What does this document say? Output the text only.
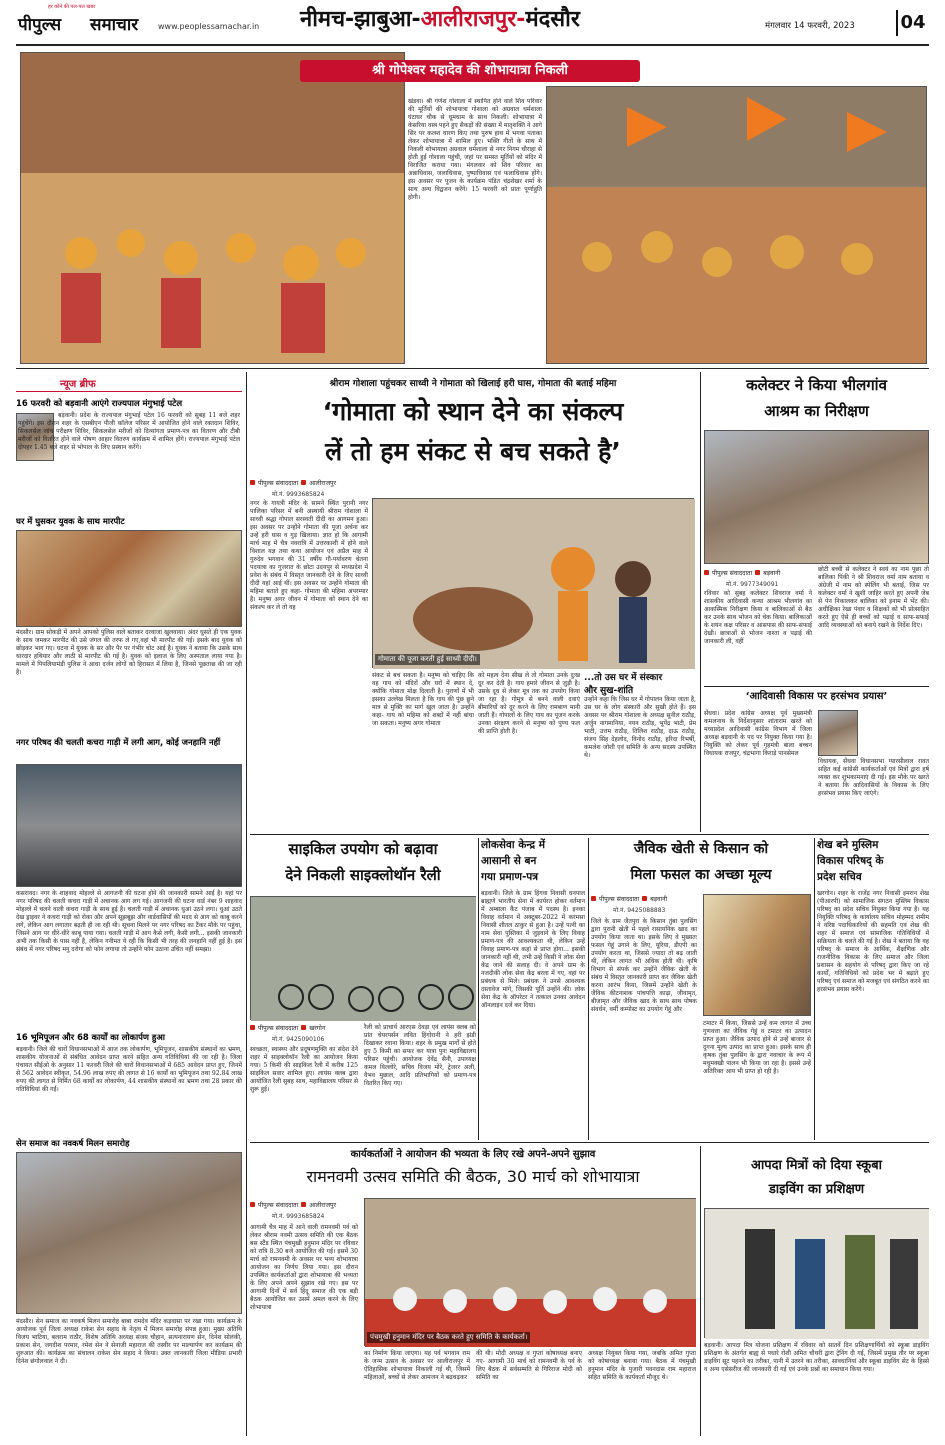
हर कोने की पल-पल खबर
पीपुल्स समाचार www.peoplessamachar.in नीमच-झाबुआ-आलीराजपुर-मंदसौर	मंगलवार 14 फरवरी, 2023	04
श्री गोपेश्वर महादेव की शोभायात्रा निकली
खंडवा। श्री गणेश गोशाला में स्थापित होने वाले शिव परिवार की मूर्तियों की शोभायात्रा गोशाला को अग्रवाल धर्मशाला घंटाघर चौक से धूमधाम के साथ निकली। शोभायात्रा में केसरिया वस्त्र पहने हुए सैकड़ों की संख्या में मातृशक्ति ने आगे सिर पर कलश धारण किए तथा पुरुष हाथ में भगवा पताका लेकर शोभायात्रा में शामिल हुए। भक्ति गीतों के साथ में निकली शोभायात्रा अग्रवाल धर्मशाला से नगर निगम चौराहा से होती हुई गोशाला पहुंची, जहां पर समस्त मूर्तियों को मंदिर में विराजित कराया गया। मंगलवार को शिव परिवार का अन्नाधिवास, जलाधिवास, पुष्पाधिवास एवं फलाधिवास होंगे। इस अवसर पर पूजन के कार्यक्रम पंडित चंद्रशेखर शर्मा के साथ अन्य विद्वजन करेंगे। 15 फरवरी को प्रातः पूर्णाहुति होगी।
न्यूज ब्रीफ
16 फरवरी को बड़वानी आएंगे राज्यपाल मंगुभाई पटेल
बड़वानी। प्रदेश के राज्यपाल मंगुभाई पटेल 16 फरवरी को सुबह 11 बजे शहर पहुंचेंगे। इस दौरान शहर के एसबीएन पीजी कॉलेज परिसर में आयोजित होने वाले रक्तदान शिविर, सिकलसेल जांच परीक्षण शिविर, सिकलसेल मरीजों को दिव्यांगता प्रमाण-पत्र का वितरण और टीबी मरीजों को वितरित होने वाले पोषण आहार वितरण कार्यक्रम में शामिल होंगे। राज्यपाल मंगुभाई पटेल दोपहर 1.45 बजे शहर से भोपाल के लिए प्रस्थान करेंगे।
घर में घुसकर युवक के साथ मारपीट
मंदसौर। ग्राम सोकड़ी में अपने आपको पुलिस वाले बताकर दरवाजा खुलवाया। अंदर घुसते ही एक युवक के साथ जमकर मारपीट की उसे जंगल की तरफ ले गए,वहां भी मारपीट की गई। इसके बाद युवक को छोड़कर भाग गए। घटना में युवक के सर और पैर पर गंभीर चोट आई है। युवक ने बताया कि उसके साथ धारदार हथियार और लाठी से मारपीट की गई है। युवक को इलाज के लिए अस्पताल लाया गया है। मामले में पिपलियामंडी पुलिस ने आधा दर्जन लोगों को हिरासत में लिया है, जिनसे पूछताछ की जा रही है।
नगर परिषद की चलती कचरा गाड़ी में लगी आग, कोई जनहानि नहीं
कसरावद। नगर के शाहवाद मोहल्ले से आगजनी की घटना होने की जानकारी सामने आई है। यहां पर नगर परिषद की चलती कचरा गाड़ी में अचानक आग लग गई। आगजनी की घटना वार्ड नंबर 9 शाहवाद मोहल्ले में चलने वाली कचरा गाड़ी के साथ हुई है। चलती गाड़ी में अचानक धुआं उठने लगा। धुआं उठते देख ड्राइवर ने कचरा गाड़ी को रोका और अपने सूझबूझ और वार्डवासियों की मदद से आग को काबू करने लगे, लेकिन आग लगातार बढ़ती ही जा रही थी। सूचना मिलने पर नगर परिषद का टैंकर मौके पर पहुंचा, जिसने आग पर धीरे-धीरे काबू पाया गया। चलती गाड़ी में आग कैसे लगी, कैसी लगी... इसकी जानकारी अभी तक किसी के पास नहीं है, लेकिन गनीमत ये रही कि किसी भी तरह की जनहानि नहीं हुई है। इस संबंध में नगर परिषद मनु दरोगा को फोन लगाया तो उन्होंने फोन उठाना उचित नहीं समझा।
16 भूमिपूजन और 68 कार्यों का लोकार्पण हुआ
बड़वानी। जिले की चारों विधानसभाओं में आज तक लोकार्पण, भूमिपूजन, शासकीय संस्थानों का भ्रमण, शासकीय योजनाओं से संबंधित आवेदन प्राप्त करने सहित अन्य गतिविधियां की जा रही है। जिला पंचायत सीईओ के अनुसार 11 फरवरी जिले की चारों विधानसभाओं में 685 आवेदन प्राप्त हुए, जिनमें से 562 आवेदन स्वीकृत, 54.96 लाख रुपए की लागत से 16 कार्यों का भूमिपूजन तथा 92.84 लाख रुपए की लागत से निर्मित 68 कार्यों का लोकार्पण, 44 शासकीय संस्थानों का भ्रमण तथा 28 प्रकार की गतिविधियां की गईं।
सेन समाज का नवकर्ष मिलन समारोह
मंदसौर। सेन समाज का नवकर्ष मिलन समारोह बाबा रामदेव मंदिर कड़वासा पर रखा गया। कार्यक्रम के आयोजक पूर्व जिला अध्यक्ष राकेश सेन सहाद के नेतृत्व में मिलन समारोह संपन्न हुआ। मुख्य अतिथि विजय भाटिया, बलराम राठौर, विशेष अतिथि अध्यक्ष संजय चौहान, सत्यनारायण सेन, दिनेश सोलंकी, प्रकाश सेन, जगदीश परमार, रमेश सेन ने सेनाजी महाराज की तस्वीर पर माल्यार्पण कर कार्यक्रम की शुरुआत की। कार्यक्रम का संचालन राकेश सेन सहाद ने किया। उक्त जानकारी जिला मीडिया प्रभारी दिनेश छंगोलवाल ने दी।
श्रीराम गोशाला पहुंचकर साध्वी ने गोमाता को खिलाई हरी घास, गोमाता की बताई महिमा
‘गोमाता को स्थान देने का संकल्प
लें तो हम संकट से बच सकते है’
पीपुल्स संवाददाता आलीराजपुर
मो.नं. 9993685824
नगर के गायत्री मंदिर के सामने स्थित पुरानी नगर पालिका परिसर में बनी अस्थायी श्रीराम गोशाला में साध्वी श्रद्धा गोपाल सरस्वती दीदी का आगमन हुआ। इस अवसर पर उन्होंने गोमाता की पूजा अर्चना कर उन्हें हरी घास व गुड़ खिलाया। ज्ञात हो कि आगामी मार्च माह में चैत्र नवरात्रि में उत्तरकाशी में होने वाले विशाल यज्ञ तथा कथा आयोजन एवं अप्रैल माह में गुरुदेव भगवान की 31 वर्षीय गौ-पर्यावरण चेतना पदयात्रा का गुजरात के छोटा उदयपुर से मध्यप्रदेश में प्रवेश के संबंध में विस्तृत जानकारी देने के लिए साध्वी दीदी यहां आई थीं। इस अवसर पर उन्होंने गोमाता की महिमा बताते हुए कहा- गोमाता की महिमा अपरम्पार है। मनुष्य अगर जीवन में गोमाता को स्थान देने का संकल्प कर ले तो वह
गोमाता की पूजा करती हुई साध्वी दीदी।
संकट से बच सकता है। मनुष्य को चाहिए कि वह गाय को मंदिरों और घरों में स्थान दे, क्योंकि गोमाता मोक्ष दिलाती है। पुराणों में भी इसका उल्लेख मिलता है कि गाय की पूंछ छूने मात्र से मुक्ति का मार्ग खुल जाता है। उन्होंने कहा- गाय को महिमा को शब्दों में नहीं बांधा जा सकता। मनुष्य अगर गोमाता
को महत्व देना सीख ले तो गोमाता उनके दुःख दूर कर देती है। गाय हमारे जीवन से जुड़ी है। उसके दूध से लेकर मूत्र तक का उपयोग किया जा रहा है। गोमूत्र से बनने वाली दवाएं बीमारियों को दूर करने के लिए रामबाण मानी जाती हैं। गोपालों के लिए गाय का पूजन करके उनका संरक्षण करने से मनुष्य को पुण्य फल की प्राप्ति होती है।
...तो उस घर में संस्कार
और सुख-शांति
उन्होंने कहा कि जिस घर में गोपालन किया जाता है, उस घर के लोग संस्कारी और सुखी होते हैं। इस अवसर पर श्रीराम गोशाला के अध्यक्ष सुनील राठौड़, अर्जुन नागमानिया, नयन राठौड़, भूपेंद्र भाटी, प्रेम भाटी, उत्तम राठौड़, तिलिश राठौड़, दाऊ राठौड़, संजय सिंह देहलोद, विनोद राठौड़, हरिदा रिभर्षी, कमलेश जोशी एवं समिति के अन्य सदस्य उपस्थित थे।
कलेक्टर ने किया भीलगांव
आश्रम का निरीक्षण
पीपुल्स संवाददाता बड़वानी
मो.नं. 9977349091
रविवार को सुबह कलेक्टर शिवराज वर्मा ने शासकीय आदिवासी कन्या आश्रम भीलगांव का आकस्मिक निरीक्षण किया व बालिकाओं से बैठ कर उनके साथ भोजन को चेक किया। बालिकाओं के शयन कक्ष परिसर व आसपास की साफ-सफाई देखी। छात्राओं से भोजन नाश्ता व पढ़ाई की जानकारी ली, वहीं
छोटी बच्ची से कलेक्टर ने स्वयं का नाम पूछा तो बालिका पिंकी ने श्री शिवराज वर्मा नाम बताया व अंग्रेजी में नाम को स्पेलिंग भी बताई, जिस पर कलेक्टर वर्मा ने खुशी जाहिर करते हुए अपनी जेब से पेन निकालकर बालिका को इनाम में भेंट की। अधीक्षिका रेखा पंवार व शिक्षकों को भी प्रोत्साहित करते हुए ऐसे ही बच्चों को पढ़ाई व साफ-सफाई आदि व्यवस्थाओं को बनाये रखने के निर्देश दिए।
‘आदिवासी विकास पर हरसंभव प्रयास’
सेंधवा। प्रदेश कांग्रेस अध्यक्ष पूर्व मुख्यमंत्री कमलनाथ के निर्देशानुसार शांताराम खरते को मध्यप्रदेश आदिवासी कांग्रेस विभाग में जिला अध्यक्ष बड़वानी के पद पर नियुक्त किया गया है। नियुक्ति को लेकर पूर्व गृहमंत्री बाला बच्चन विधायक राजपुर, चंद्रभागा किराड़े पानसेमल
विधायक, सेंधवा विधानसभा ग्यारसीलाल रावत सहित कई कांग्रेसी कार्यकर्ताओं एवं मित्रों द्वारा हर्ष व्यक्त कर शुभकामनाएं दी गई। इस मौके पर खरते ने बताया कि आदिवासियों के विकास के लिए हरसंभव प्रयास किए जाएंगे।
साइकिल उपयोग को बढ़ावा
देने निकली साइक्लोथॉन रैली
पीपुल्स संवाददाता खरगोन
मो.नं. 9425090106
स्वच्छता, स्वास्थ्य और प्रदूषणमुक्ति का संदेश देने शहर में साइक्लोथॉन रैली का आयोजन किया गया। 5 किमी की साइकिल रैली में करीब 125 साइकिल सवार शामिल हुए। लायंस क्लब द्वारा आयोजित रैली सुबह साथ, महाविद्यालय परिसर से शुरू हुई।
रैली को प्राचार्य आरएस देवड़ा एवं लायंस क्लब को प्रांत चेयरपर्सन लवित हिंगोरानी ने हरी झंडी दिखाकर रवाना किया। शहर के प्रमुख मार्गों से होते हुए 5 किमी का सफर कर यात्रा पुनः महाविद्यालय परिसर पहुंची। आयोजक देवेंद्र सैनी, उपाध्यक्ष कमल विल्लोरे, सचिव विजय मोरे, ट्रेजरर अली, वैभव मुछाल, आदि प्रतिभागियों को प्रमाण-पत्र वितरित किए गए।
लोकसेवा केन्द्र में
आसानी से बन
गया प्रमाण-पत्र
बड़वानी। जिले के ग्राम हिंगवा निवासी धनपाल ब्राह्मणे भारतीय सेना में कार्यरत होकर वर्तमान में अम्बाला कैंट पंजाब में पदस्थ है। इनका विवाह वर्तमान में अक्टूबर-2022 में करमसा निवासी शीतल ठाकुर से हुआ है। उन्हें पत्नी का नाम सेवा पुस्तिका में जुड़वाने के लिए विवाह प्रमाण-पत्र की आवश्यकता थी, लेकिन उन्हें विवाह प्रमाण-पत्र कहां से प्राप्त होगा... इसकी जानकारी नहीं थी, तभी उन्हें किसी ने लोक सेवा केंद्र जाने की सलाह दी। वे अपने ग्राम के नजदीकी लोक सेवा केंद्र बरला में गए, वहां पर प्रबंधक से मिले। प्रबंधक ने उनसे आवश्यक दस्तावेज मांगे, जिसकी पूर्ति उन्होंने की। लोक सेवा केंद्र के ऑपरेटर ने तत्काल उनका आवेदन ऑनलाइन दर्ज कर दिया।
जैविक खेती से किसान को
मिला फसल का अच्छा मूल्य
पीपुल्स संवाददाता बड़वानी
मो.नं. 9425088883
जिले के ग्राम जैतपुरा के किसान तुंबा पुलसिंग द्वारा पुरानी खेती में पहले रासायनिक खाद का उपयोग किया जाता था। इसके लिए वे मुख्यतः फसल गेहूं उगाने के लिए, यूरिया, डीएपी का उपयोग करता था, जिससे ज्यादा तो बढ़ जाती थी, लेकिन लागत भी अधिक होती थी। कृषि विभाग से संपर्क कर उन्होंने जैविक खेती के संबंध में विस्तृत जानकारी प्राप्त कर जैविक खेती करना आरंभ किया, जिसमें उन्होंने खेती के जैविक कीटनाशक पांचपत्ति काढ़ा, जीवामृत, बीजामृत और जैविक खाद के साथ साथ पोषक संवर्धन, वर्मी कम्पोस्ट का उपयोग गेहूं और
टमाटर में किया, जिससे उन्हें कम लागत में उच्च गुणवत्ता का जैविक गेहूं व टमाटर का उत्पादन प्राप्त हुआ। जैविक उत्पाद होने से उन्हें बाजार से दुगना मूल्य उत्पाद का प्राप्त हुआ। इसके साथ ही कृषक तुंबा पुलसिंग के द्वारा नवाचार के रूप में मधुमक्खी पालन भी किया जा रहा है। इससे उन्हें अतिरिक्त आय भी प्राप्त हो रही है।
शेख बने मुस्लिम
विकास परिषद् के
प्रदेश सचिव
खरगोन। शहर के राजेंद्र नगर निवासी इमरान शेख (पीआरपी) को सामाजिक संगठन मुस्लिम विकास परिषद् का प्रदेश सचिव नियुक्त किया गया है। यह नियुक्ति परिषद् के कार्यालय सचिव मोहम्मद शमीम ने वरिष्ठ पदाधिकारियों की सहमति एवं शेख की शहर में समाज एवं सामाजिक गतिविधियों में सक्रियता के चलते की गई है। शेख ने बताया कि वह परिषद् के समाज के आर्थिक, शैक्षणिक और राजनीतिक विकास के लिए समाज और जिला प्रशासन के सहयोग से परिषद् द्वारा किए जा रहे कार्यों, गतिविधियों को प्रदेश भर में बढ़ाते हुए परिषद् एवं समाज को मजबूत एवं संगठित करने का हरसंभव प्रयास करेंगे।
कार्यकर्ताओं ने आयोजन की भव्यता के लिए रखे अपने-अपने सुझाव
रामनवमी उत्सव समिति की बैठक, 30 मार्च को शोभायात्रा
पीपुल्स संवाददाता आलीराजपुर
मो.नं. 9993685824
आगामी चैत्र माह में आने वाली रामनवमी पर्व को लेकर श्रीराम नवमी उत्सव समिति की एक बैठक बस स्टैंड स्थित पंचमुखी हनुमान मंदिर पर रविवार को रात्रि 8.30 बजे आयोजित की गई। इसमें 30 मार्च को रामनवमी के अवसर पर भव्य शोभायात्रा आयोजन का निर्णय लिया गया। इस दौरान उपस्थित कार्यकर्ताओं द्वारा शोभायात्रा की भव्यता के लिए अपने अपने सुझाव रखे गए। इस पर आगामी दिनों में सर्व हिंदू समाज की एक बड़ी बैठक आयोजित कर उसमें अमल करने के लिए शोभायात्रा
पंचमुखी हनुमान मंदिर पर बैठक करते हुए समिति के कार्यकर्ता।
का निर्माण किया जाएगा। यह पर्व भगवान राम के जन्म उत्सव के अवसर पर आलीराजपुर में ऐतिहासिक शोभायात्रा निकाली गई थी, जिसमें महिलाओं, बच्चों से लेकर आमजन ने बढ़चढ़कर
की थी। मोदी अध्यक्ष व गुप्ता कोषाध्यक्ष बनाए गए- आगामी 30 मार्च को रामनवमी के पर्व के लिए बैठक में सर्वसम्मति से गिरिराज मोदी को समिति का
अध्यक्ष नियुक्त किया गया, जबकि अमित गुप्ता को कोषाध्यक्ष बनाया गया। बैठक में पंचमुखी हनुमान मंदिर के पुजारी पवनदास राम महाराज सहित समिति के कार्यकर्ता मौजूद थे।
आपदा मित्रों को दिया स्कूबा
डाइविंग का प्रशिक्षण
बड़वानी। आपदा मित्र योजना प्रशिक्षण में रविवार को सातवें दिन प्रशिक्षणार्थियों को स्कूबा डाइविंग प्रशिक्षण के अंतर्गत बाह्य से पधारे रोशी अमित चौधरी द्वारा ट्रेनिंग दी गई, जिसमें प्रमुख तौर पर स्कूबा डाइविंग सूट पहनने का तरीका, पानी में उतरने का तरीका, सावधानियां और स्कूबा डाइविंग सेट के हिस्से व अन्य एसेसरीज की जानकारी दी गई एवं उनके प्रश्नों का समाधान किया गया।
